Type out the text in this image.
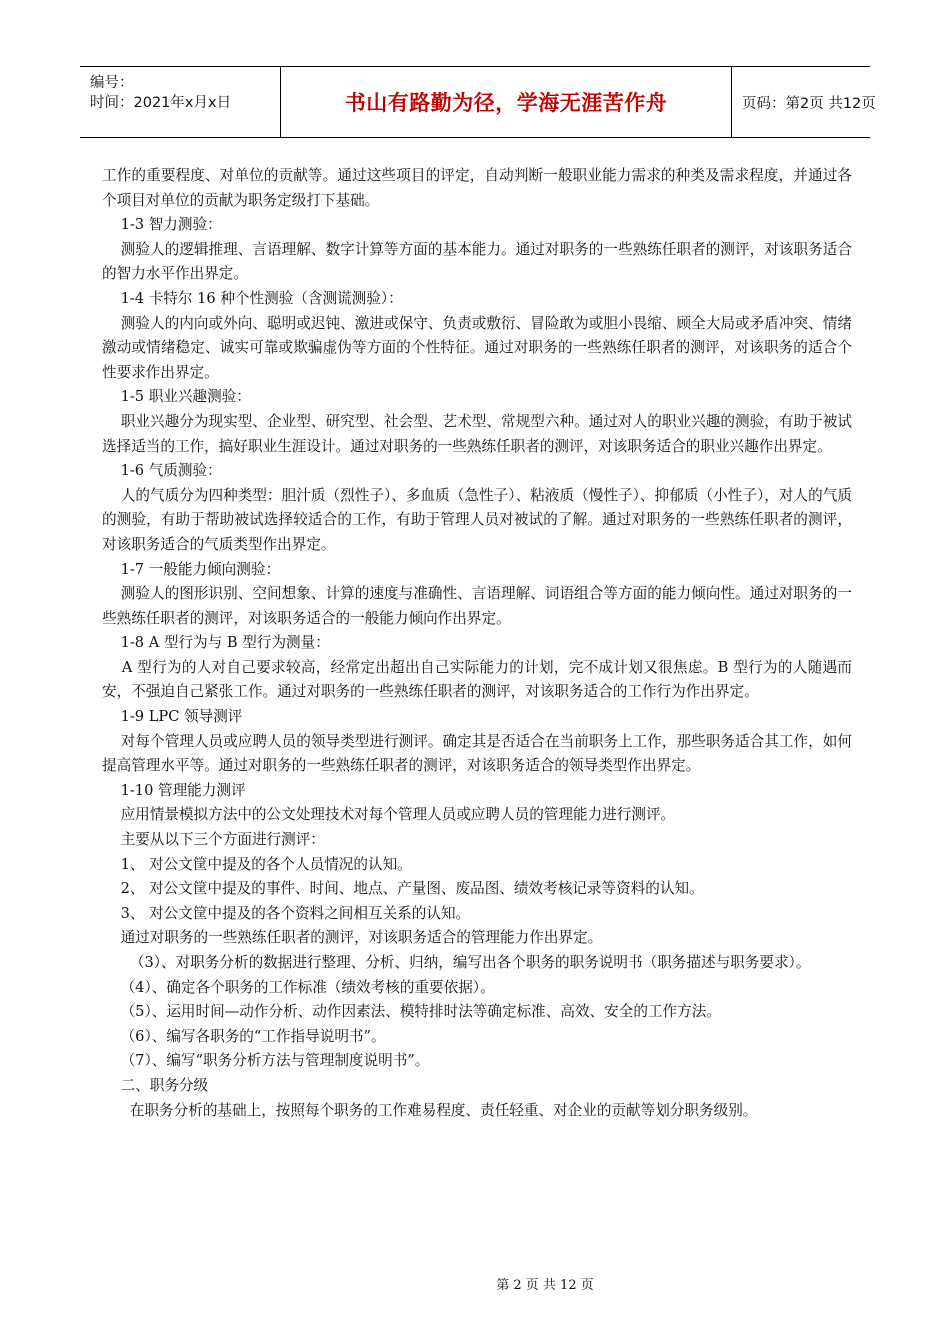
编号：
时间：2021年x月x日	书山有路勤为径，学海无涯苦作舟	页码：第2页 共12页

工作的重要程度、对单位的贡献等。通过这些项目的评定，自动判断一般职业能力需求的种类及需求程度，并通过各个项目对单位的贡献为职务定级打下基础。

1-3 智力测验：

测验人的逻辑推理、言语理解、数字计算等方面的基本能力。通过对职务的一些熟练任职者的测评，对该职务适合的智力水平作出界定。

1-4 卡特尔 16 种个性测验（含测谎测验）：

测验人的内向或外向、聪明或迟钝、激进或保守、负责或敷衍、冒险敢为或胆小畏缩、顾全大局或矛盾冲突、情绪激动或情绪稳定、诚实可靠或欺骗虚伪等方面的个性特征。通过对职务的一些熟练任职者的测评，对该职务的适合个性要求作出界定。

1-5 职业兴趣测验：

职业兴趣分为现实型、企业型、研究型、社会型、艺术型、常规型六种。通过对人的职业兴趣的测验，有助于被试选择适当的工作，搞好职业生涯设计。通过对职务的一些熟练任职者的测评，对该职务适合的职业兴趣作出界定。

1-6 气质测验：

人的气质分为四种类型：胆汁质（烈性子）、多血质（急性子）、粘液质（慢性子）、抑郁质（小性子），对人的气质的测验，有助于帮助被试选择较适合的工作，有助于管理人员对被试的了解。通过对职务的一些熟练任职者的测评，对该职务适合的气质类型作出界定。

1-7 一般能力倾向测验：

测验人的图形识别、空间想象、计算的速度与准确性、言语理解、词语组合等方面的能力倾向性。通过对职务的一些熟练任职者的测评，对该职务适合的一般能力倾向作出界定。

1-8 A 型行为与 B 型行为测量：

A 型行为的人对自己要求较高，经常定出超出自己实际能力的计划，完不成计划又很焦虑。B 型行为的人随遇而安，不强迫自己紧张工作。通过对职务的一些熟练任职者的测评，对该职务适合的工作行为作出界定。

1-9 LPC 领导测评

对每个管理人员或应聘人员的领导类型进行测评。确定其是否适合在当前职务上工作，那些职务适合其工作，如何提高管理水平等。通过对职务的一些熟练任职者的测评，对该职务适合的领导类型作出界定。

1-10 管理能力测评

应用情景模拟方法中的公文处理技术对每个管理人员或应聘人员的管理能力进行测评。

主要从以下三个方面进行测评：

1、 对公文筐中提及的各个人员情况的认知。

2、 对公文筐中提及的事件、时间、地点、产量图、废品图、绩效考核记录等资料的认知。

3、 对公文筐中提及的各个资料之间相互关系的认知。

通过对职务的一些熟练任职者的测评，对该职务适合的管理能力作出界定。

（3）、对职务分析的数据进行整理、分析、归纳，编写出各个职务的职务说明书（职务描述与职务要求）。

（4）、确定各个职务的工作标准（绩效考核的重要依据）。

（5）、运用时间—动作分析、动作因素法、模特排时法等确定标准、高效、安全的工作方法。

（6）、编写各职务的“工作指导说明书”。

（7）、编写“职务分析方法与管理制度说明书”。

二、职务分级

在职务分析的基础上，按照每个职务的工作难易程度、责任轻重、对企业的贡献等划分职务级别。

第 2 页 共 12 页
